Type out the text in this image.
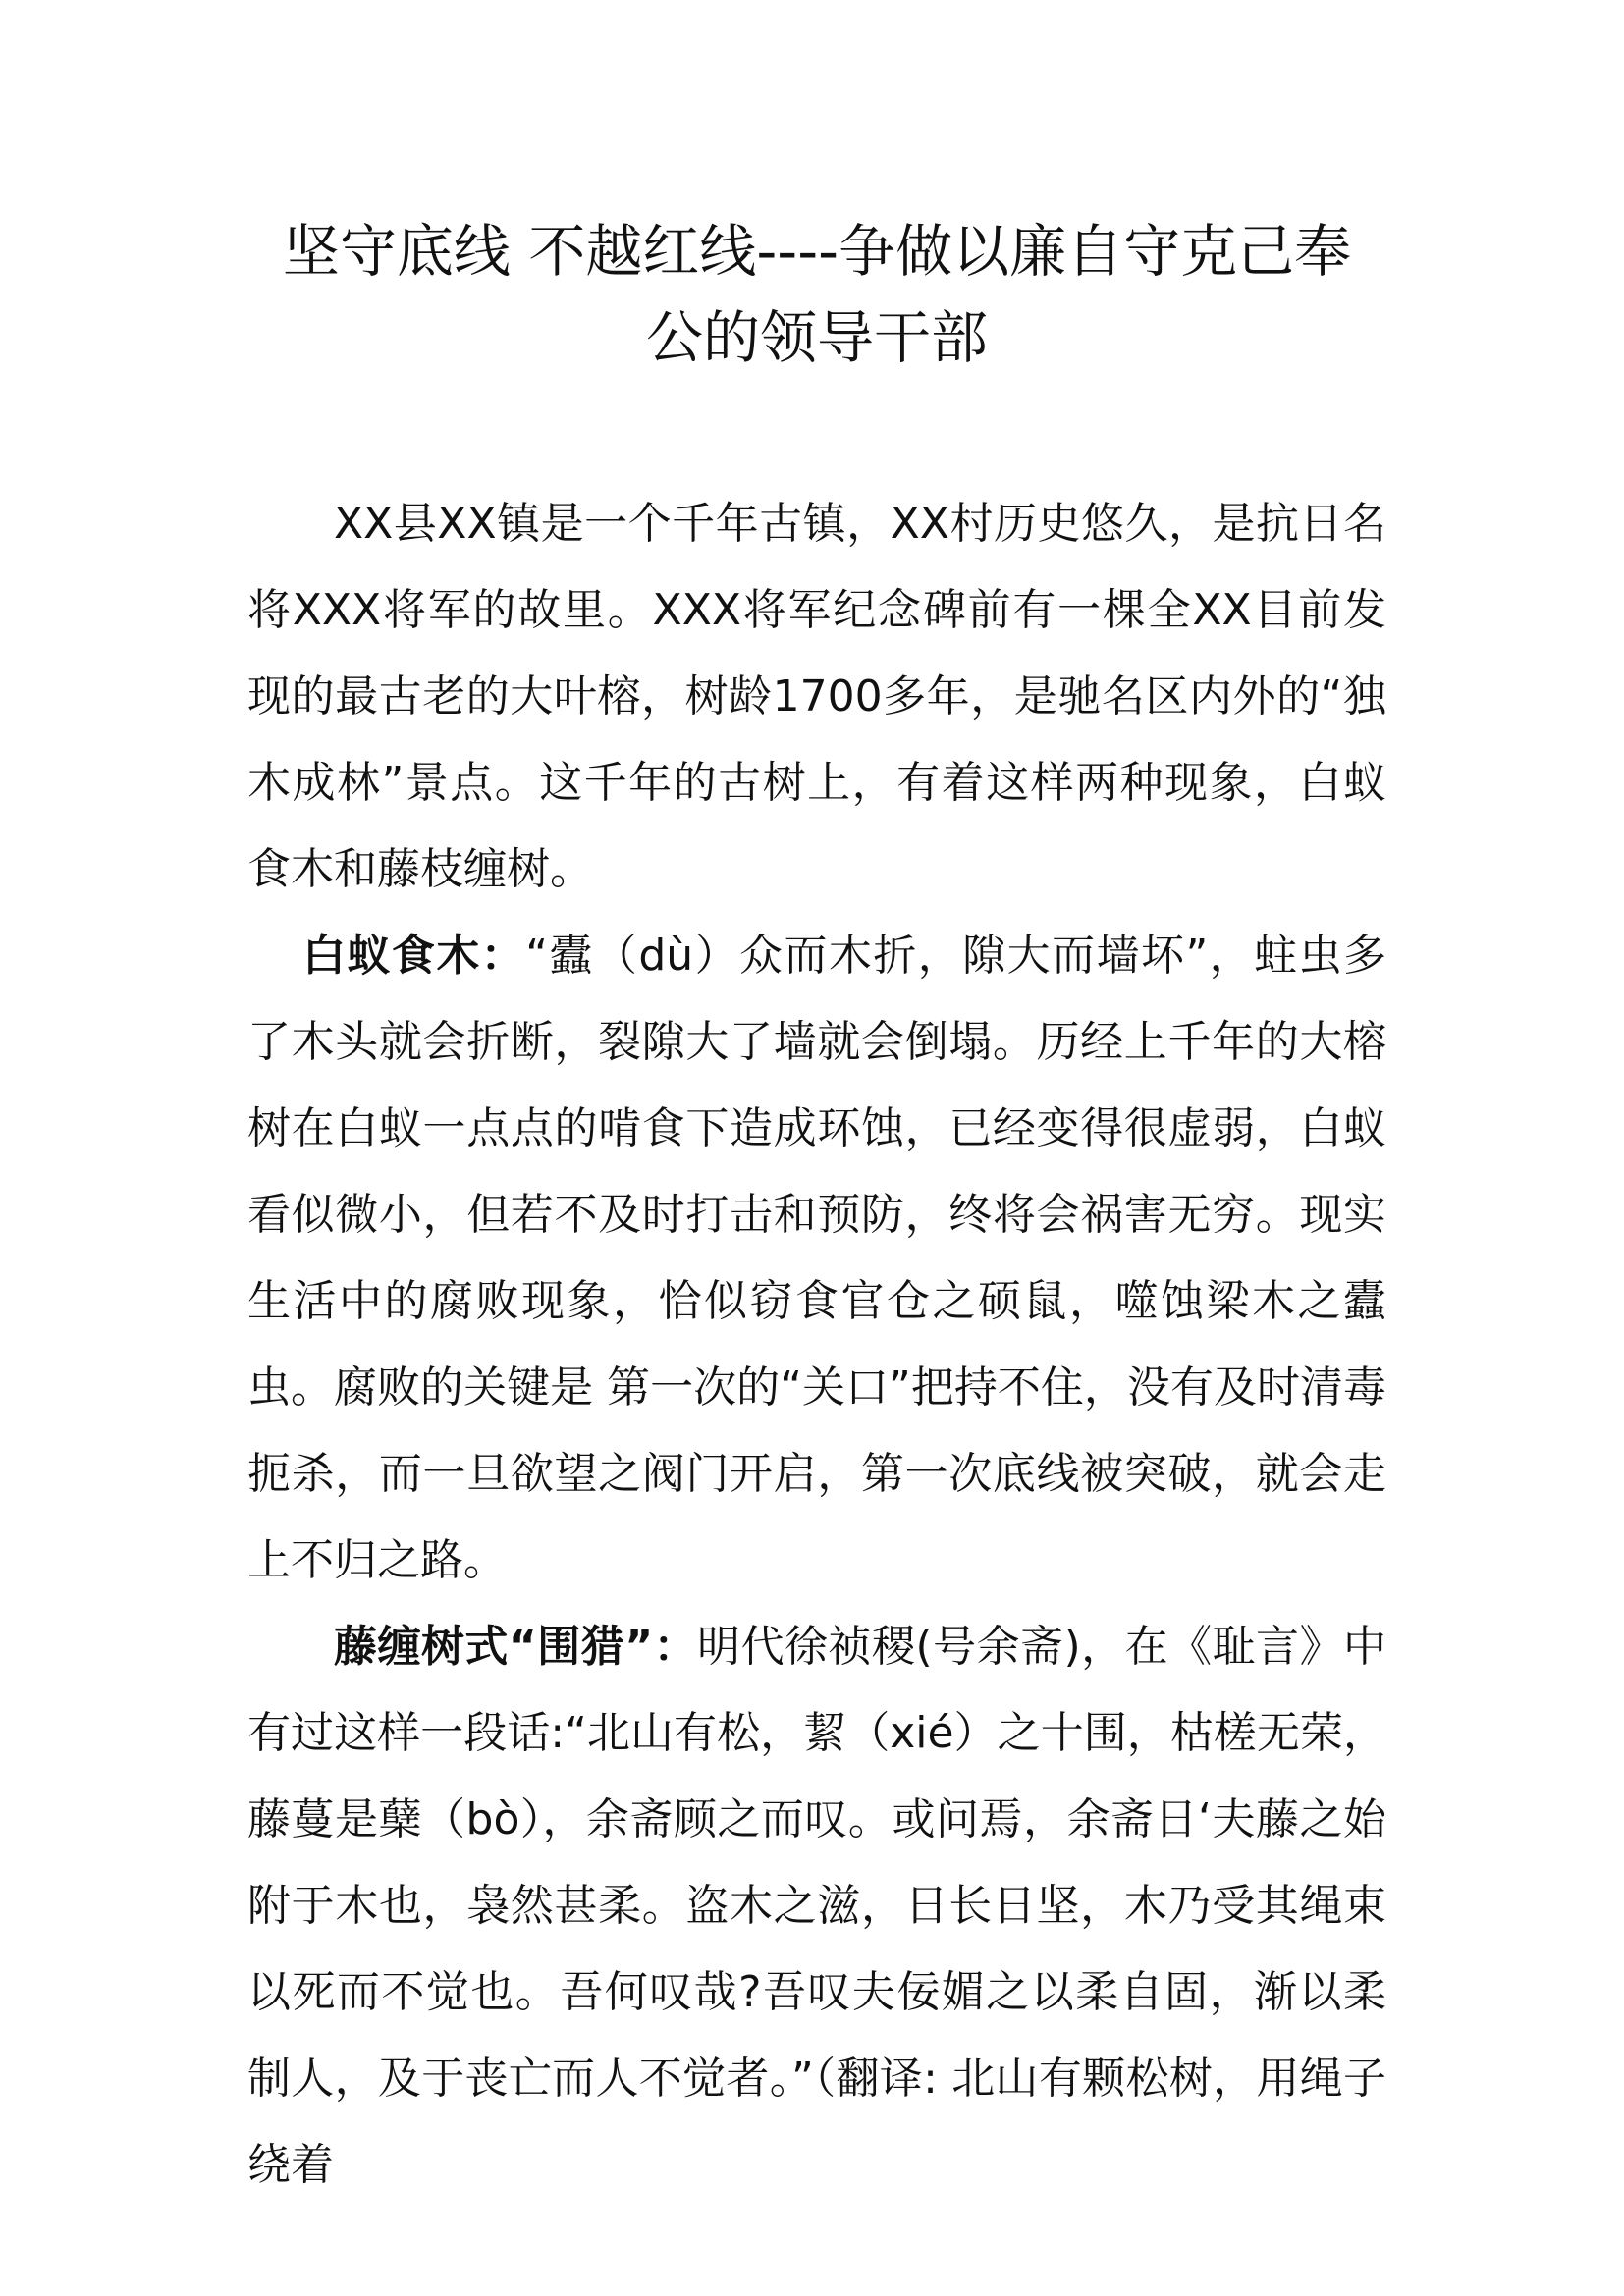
坚守底线 不越红线----争做以廉自守克己奉
公的领导干部

XX县XX镇是一个千年古镇，XX村历史悠久，是抗日名将XXX将军的故里。XXX将军纪念碑前有一棵全XX目前发现的最古老的大叶榕，树龄1700多年，是驰名区内外的“独木成林”景点。这千年的古树上，有着这样两种现象，白蚁食木和藤枝缠树。

白蚁食木：“蠹（dù）众而木折，隙大而墙坏”，蛀虫多了木头就会折断，裂隙大了墙就会倒塌。历经上千年的大榕树在白蚁一点点的啃食下造成环蚀，已经变得很虚弱，白蚁看似微小，但若不及时打击和预防，终将会祸害无穷。现实生活中的腐败现象，恰似窃食官仓之硕鼠，噬蚀梁木之蠹虫。腐败的关键是 第一次的“关口”把持不住，没有及时清毒扼杀，而一旦欲望之阀门开启，第一次底线被突破，就会走上不归之路。

藤缠树式“围猎”：明代徐祯稷(号余斋)，在《耻言》中有过这样一段话:“北山有松，絜（xié）之十围，枯槎无荣，藤蔓是蘖（bò），余斋顾之而叹。或问焉，余斋日‘夫藤之始附于木也，袅然甚柔。盗木之滋，日长日坚，木乃受其绳束以死而不觉也。吾何叹哉?吾叹夫佞媚之以柔自固，渐以柔制人，及于丧亡而人不觉者。”（翻译: 北山有颗松树，用绳子绕着
